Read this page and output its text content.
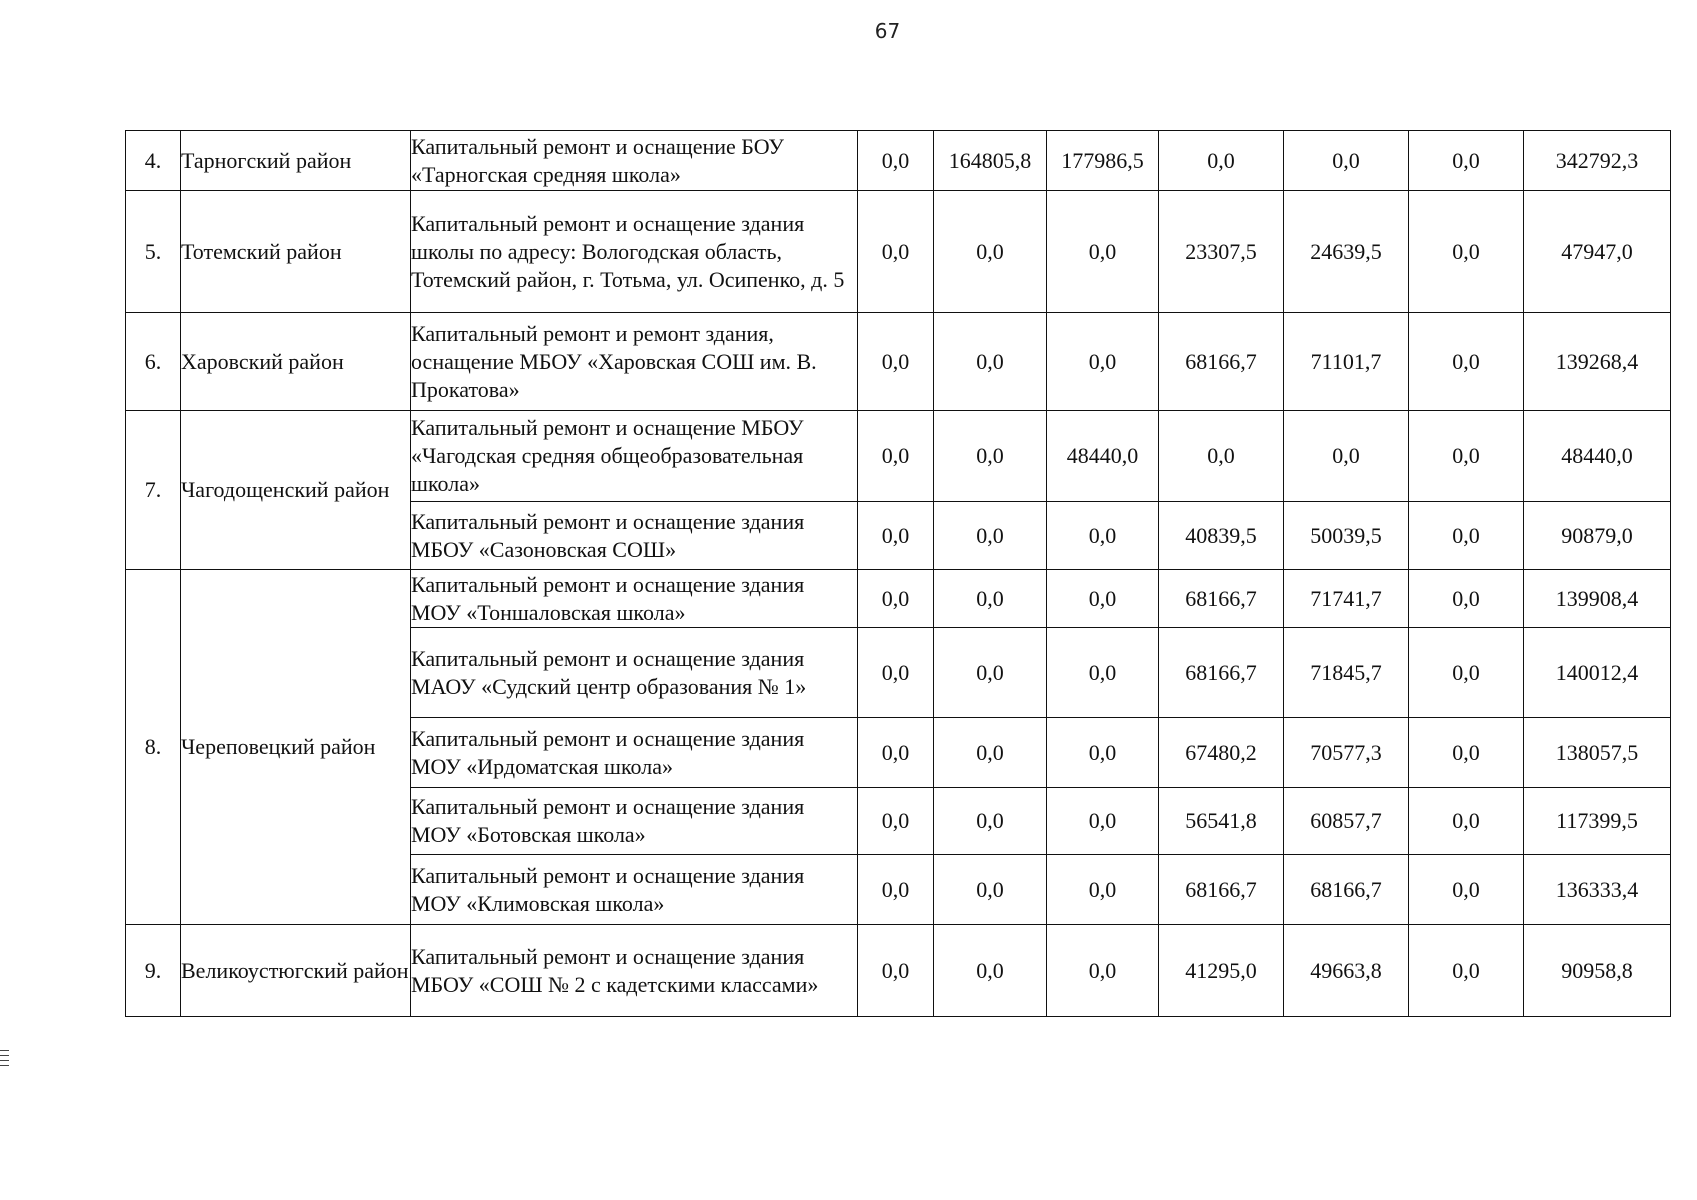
67
4.	Тарногский район	Капитальный ремонт и оснащение БОУ «Тарногская средняя школа»	0,0	164805,8	177986,5	0,0	0,0	0,0	342792,3
5.	Тотемский район	Капитальный ремонт и оснащение здания школы по адресу: Вологодская область, Тотемский район, г. Тотьма, ул. Осипенко, д. 5	0,0	0,0	0,0	23307,5	24639,5	0,0	47947,0
6.	Харовский район	Капитальный ремонт и ремонт здания, оснащение МБОУ «Харовская СОШ им. В. Прокатова»	0,0	0,0	0,0	68166,7	71101,7	0,0	139268,4
7.	Чагодощенский район	Капитальный ремонт и оснащение МБОУ «Чагодская средняя общеобразовательная школа»	0,0	0,0	48440,0	0,0	0,0	0,0	48440,0
		Капитальный ремонт и оснащение здания МБОУ «Сазоновская СОШ»	0,0	0,0	0,0	40839,5	50039,5	0,0	90879,0
8.	Череповецкий район	Капитальный ремонт и оснащение здания МОУ «Тоншаловская школа»	0,0	0,0	0,0	68166,7	71741,7	0,0	139908,4
		Капитальный ремонт и оснащение здания МАОУ «Судский центр образования № 1»	0,0	0,0	0,0	68166,7	71845,7	0,0	140012,4
		Капитальный ремонт и оснащение здания МОУ «Ирдоматская школа»	0,0	0,0	0,0	67480,2	70577,3	0,0	138057,5
		Капитальный ремонт и оснащение здания МОУ «Ботовская школа»	0,0	0,0	0,0	56541,8	60857,7	0,0	117399,5
		Капитальный ремонт и оснащение здания МОУ «Климовская школа»	0,0	0,0	0,0	68166,7	68166,7	0,0	136333,4
9.	Великоустюгский район	Капитальный ремонт и оснащение здания МБОУ «СОШ № 2 с кадетскими классами»	0,0	0,0	0,0	41295,0	49663,8	0,0	90958,8
